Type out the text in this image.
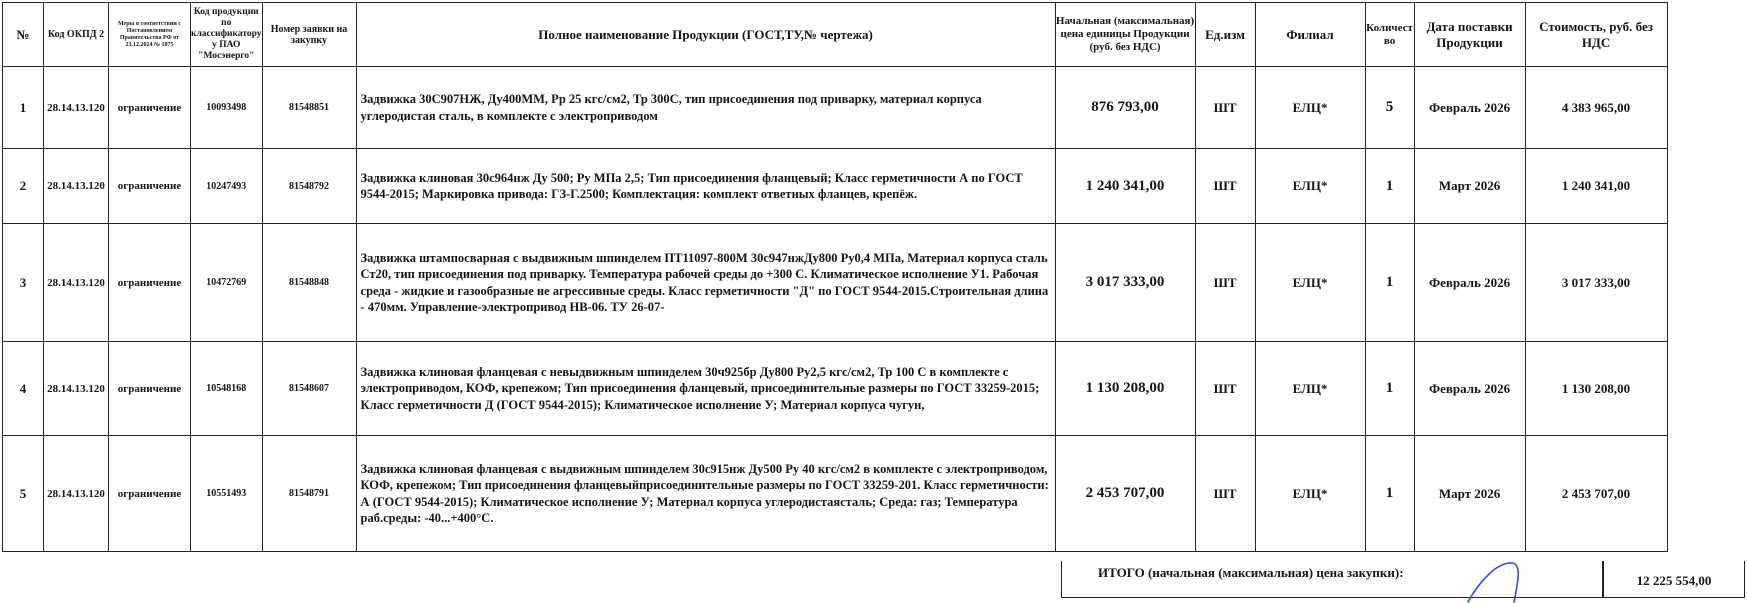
№	Код ОКПД 2	Меры в соответствии с Постановлением Правительства РФ от 23.12.2024 № 1875	Код продукции по классификатору у ПАО "Мосэнерго"	Номер заявки на закупку	Полное наименование Продукции (ГОСТ,ТУ,№ чертежа)	Начальная (максимальная) цена единицы Продукции (руб. без НДС)	Ед.изм	Филиал	Количество	Дата поставки Продукции	Стоимость, руб. без НДС
1	28.14.13.120	ограничение	10093498	81548851	Задвижка 30С907НЖ, Ду400ММ, Рр 25 кгс/см2, Тр 300С, тип присоединения под приварку, материал корпуса углеродистая сталь, в комплекте с электроприводом	876 793,00	ШТ	ЕЛЦ*	5	Февраль 2026	4 383 965,00
2	28.14.13.120	ограничение	10247493	81548792	Задвижка клиновая 30с964нж Ду 500; Ру МПа 2,5; Тип присоединения фланцевый; Класс герметичности А по ГОСТ 9544-2015; Маркировка привода: ГЗ-Г.2500; Комплектация: комплект ответных фланцев, крепёж.	1 240 341,00	ШТ	ЕЛЦ*	1	Март 2026	1 240 341,00
3	28.14.13.120	ограничение	10472769	81548848	Задвижка штампосварная с выдвижным шпинделем ПТ11097-800М 30с947нжДу800 Ру0,4 МПа, Материал корпуса сталь Ст20, тип присоединения под приварку. Температура рабочей среды до +300 С. Климатическое исполнение У1. Рабочая среда - жидкие и газообразные не агрессивные среды. Класс герметичности "Д" по ГОСТ 9544-2015.Строительная длина - 470мм. Управление-электропривод НВ-06. ТУ 26-07-	3 017 333,00	ШТ	ЕЛЦ*	1	Февраль 2026	3 017 333,00
4	28.14.13.120	ограничение	10548168	81548607	Задвижка клиновая фланцевая с невыдвижным шпинделем 30ч925бр Ду800 Ру2,5 кгс/см2, Тр 100 С в комплекте с электроприводом, КОФ, крепежом; Тип присоединения фланцевый, присоединительные размеры по ГОСТ 33259-2015; Класс герметичности Д (ГОСТ 9544-2015); Климатическое исполнение У; Материал корпуса чугун,	1 130 208,00	ШТ	ЕЛЦ*	1	Февраль 2026	1 130 208,00
5	28.14.13.120	ограничение	10551493	81548791	Задвижка клиновая фланцевая с выдвижным шпинделем 30с915нж Ду500 Ру 40 кгс/см2 в комплекте с электроприводом, КОФ, крепежом; Тип присоединения фланцевыйприсоединительные размеры по ГОСТ 33259-201. Класс герметичности: А (ГОСТ 9544-2015); Климатическое исполнение У; Материал корпуса углеродистаясталь; Среда: газ; Температура раб.среды: -40...+400°С.	2 453 707,00	ШТ	ЕЛЦ*	1	Март 2026	2 453 707,00
ИТОГО (начальная (максимальная) цена закупки):
12 225 554,00
